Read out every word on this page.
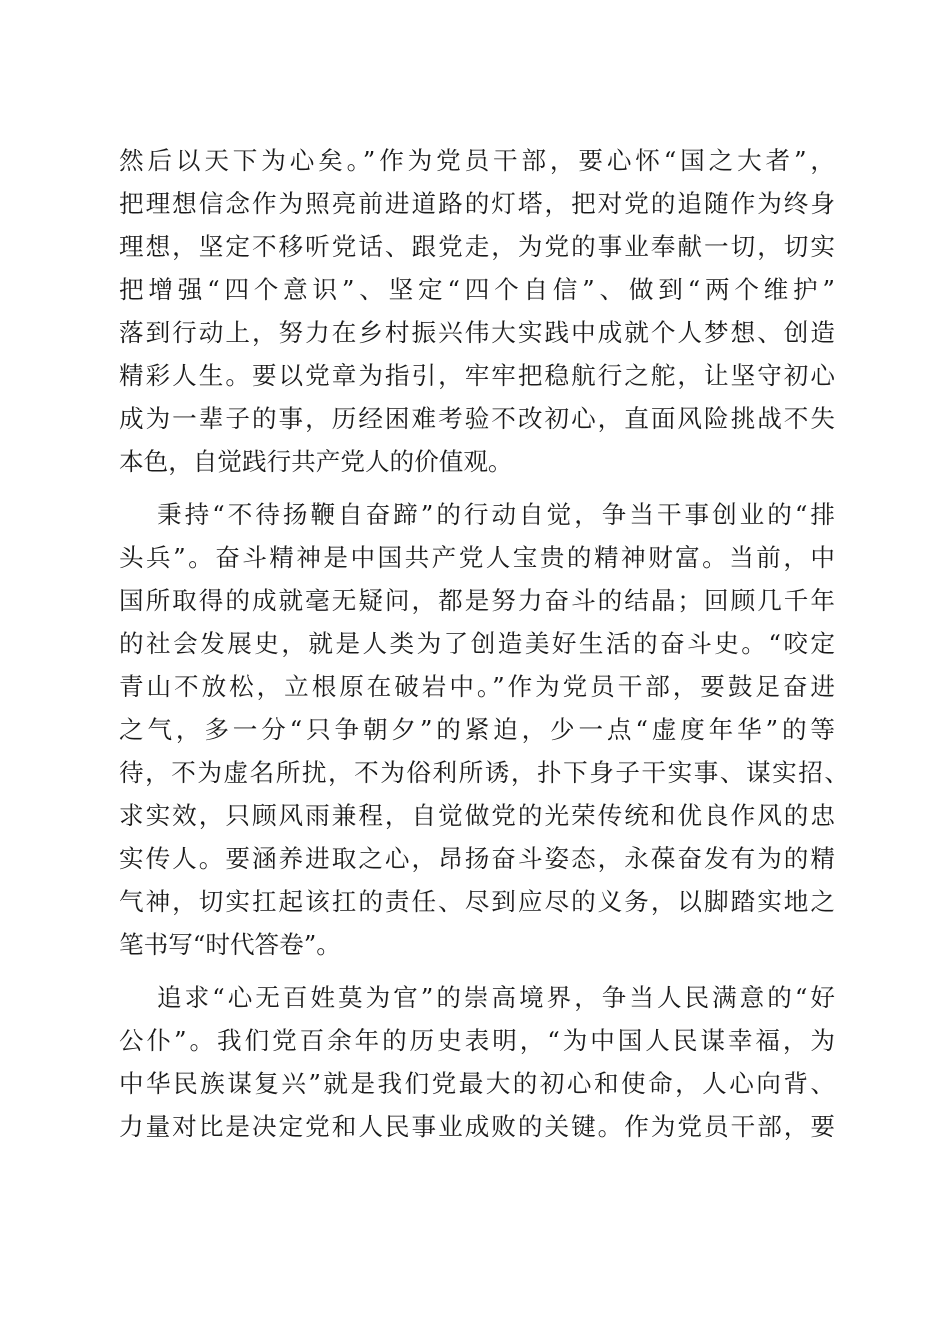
然后以天下为心矣。”作为党员干部，要心怀“国之大者”，
把理想信念作为照亮前进道路的灯塔，把对党的追随作为终身
理想，坚定不移听党话、跟党走，为党的事业奉献一切，切实
把增强“四个意识”、坚定“四个自信”、做到“两个维护”
落到行动上，努力在乡村振兴伟大实践中成就个人梦想、创造
精彩人生。要以党章为指引，牢牢把稳航行之舵，让坚守初心
成为一辈子的事，历经困难考验不改初心，直面风险挑战不失
本色，自觉践行共产党人的价值观。
秉持“不待扬鞭自奋蹄”的行动自觉，争当干事创业的“排
头兵”。奋斗精神是中国共产党人宝贵的精神财富。当前，中
国所取得的成就毫无疑问，都是努力奋斗的结晶；回顾几千年
的社会发展史，就是人类为了创造美好生活的奋斗史。“咬定
青山不放松，立根原在破岩中。”作为党员干部，要鼓足奋进
之气，多一分“只争朝夕”的紧迫，少一点“虚度年华”的等
待，不为虚名所扰，不为俗利所诱，扑下身子干实事、谋实招、
求实效，只顾风雨兼程，自觉做党的光荣传统和优良作风的忠
实传人。要涵养进取之心，昂扬奋斗姿态，永葆奋发有为的精
气神，切实扛起该扛的责任、尽到应尽的义务，以脚踏实地之
笔书写“时代答卷”。
追求“心无百姓莫为官”的崇高境界，争当人民满意的“好
公仆”。我们党百余年的历史表明，“为中国人民谋幸福，为
中华民族谋复兴”就是我们党最大的初心和使命，人心向背、
力量对比是决定党和人民事业成败的关键。作为党员干部，要
